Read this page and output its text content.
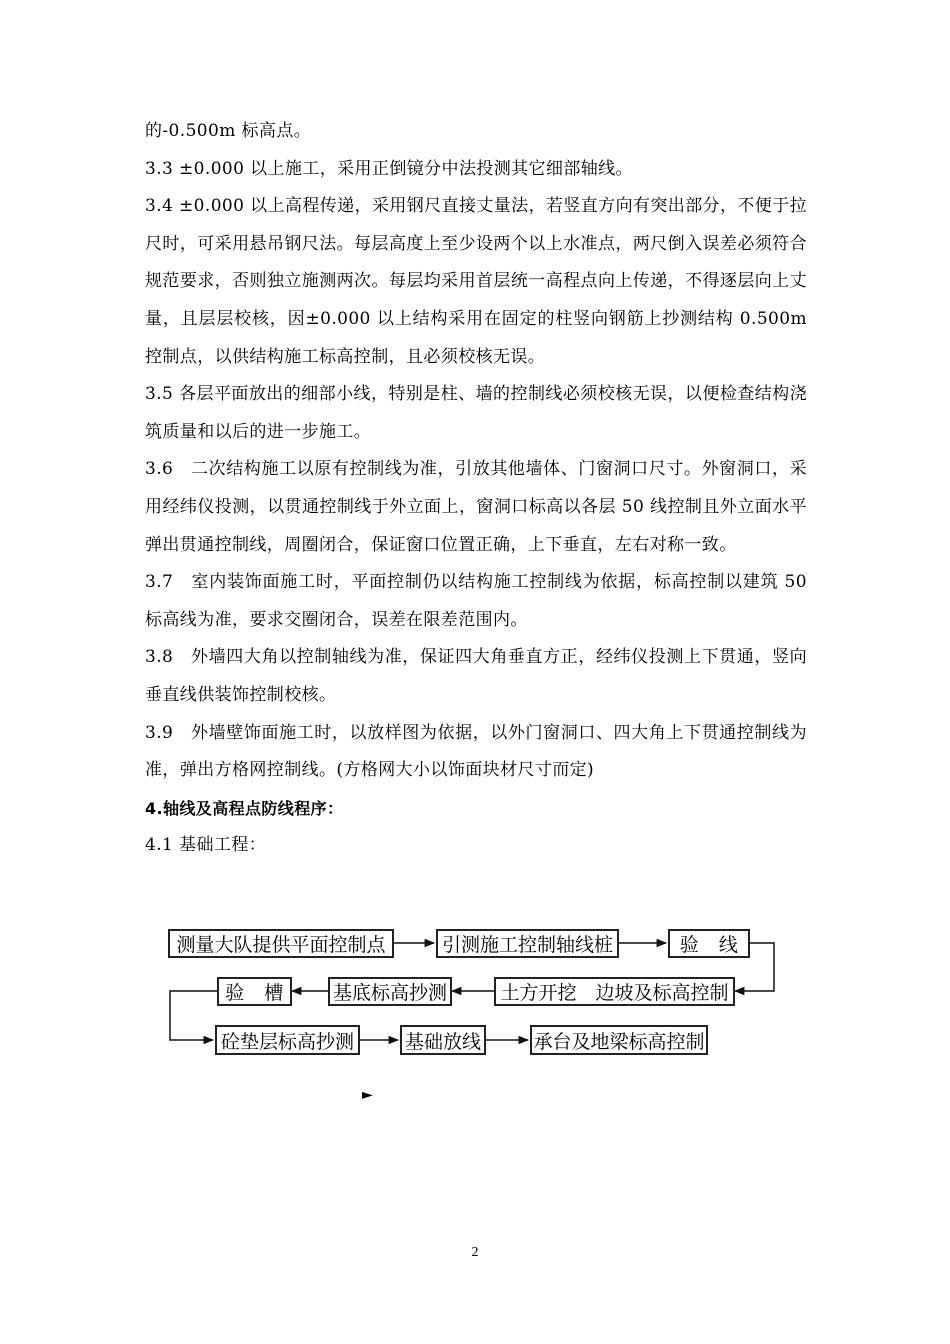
的-0.500m 标高点。

3.3 ±0.000 以上施工，采用正倒镜分中法投测其它细部轴线。

3.4 ±0.000 以上高程传递，采用钢尺直接丈量法，若竖直方向有突出部分，不便于拉尺时，可采用悬吊钢尺法。每层高度上至少设两个以上水准点，两尺倒入误差必须符合规范要求，否则独立施测两次。每层均采用首层统一高程点向上传递，不得逐层向上丈量，且层层校核，因±0.000 以上结构采用在固定的柱竖向钢筋上抄测结构 0.500m 控制点，以供结构施工标高控制，且必须校核无误。

3.5 各层平面放出的细部小线，特别是柱、墙的控制线必须校核无误，以便检查结构浇筑质量和以后的进一步施工。

3.6　二次结构施工以原有控制线为准，引放其他墙体、门窗洞口尺寸。外窗洞口，采用经纬仪投测，以贯通控制线于外立面上，窗洞口标高以各层 50 线控制且外立面水平弹出贯通控制线，周圈闭合，保证窗口位置正确，上下垂直，左右对称一致。

3.7　室内装饰面施工时，平面控制仍以结构施工控制线为依据，标高控制以建筑 50 标高线为准，要求交圈闭合，误差在限差范围内。

3.8　外墙四大角以控制轴线为准，保证四大角垂直方正，经纬仪投测上下贯通，竖向垂直线供装饰控制校核。

3.9　外墙壁饰面施工时，以放样图为依据，以外门窗洞口、四大角上下贯通控制线为准，弹出方格网控制线。(方格网大小以饰面块材尺寸而定)

4.轴线及高程点防线程序：

4.1 基础工程：

测量大队提供平面控制点	引测施工控制轴线桩	验　线
土方开挖　边坡及标高控制
基底标高抄测
验　槽
砼垫层标高抄测	基础放线	承台及地梁标高控制
►
2
